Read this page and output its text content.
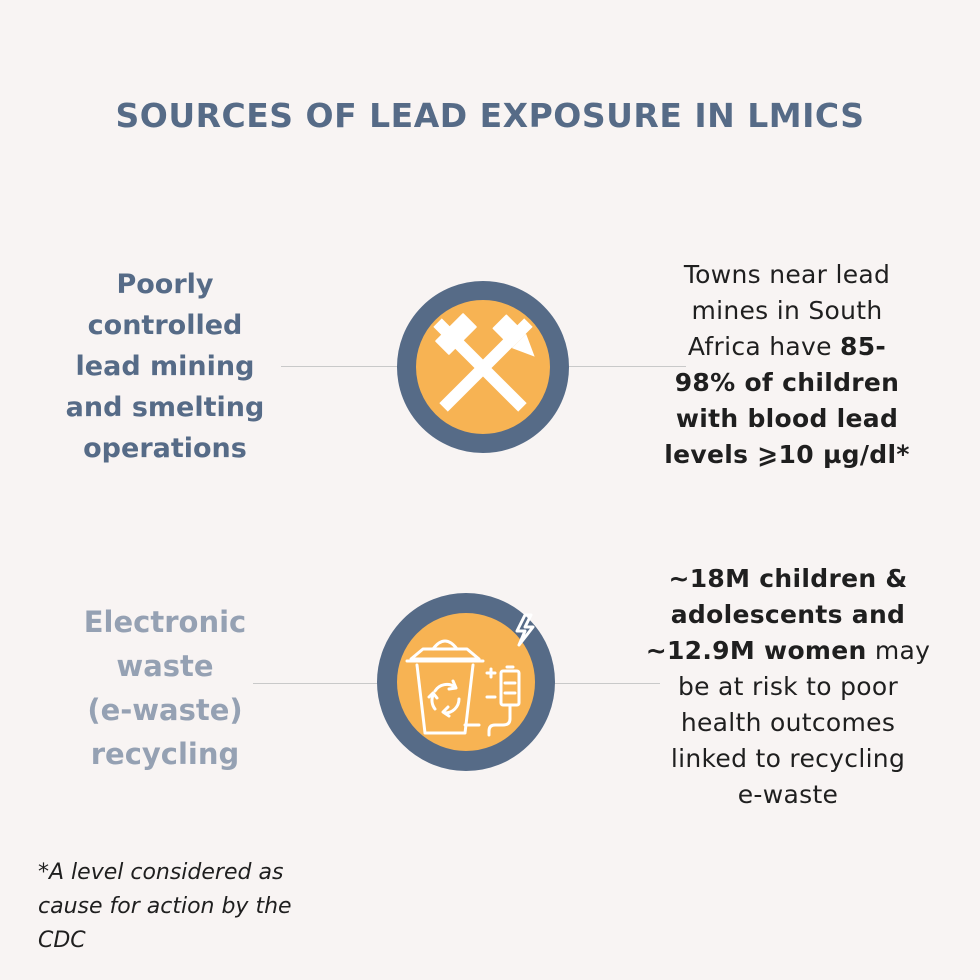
SOURCES OF LEAD EXPOSURE IN LMICS
Poorly
controlled
lead mining
and smelting
operations
Towns near lead
mines in South
Africa have 85-
98% of children
with blood lead
levels ⩾10 µg/dl*
Electronic
waste
(e-waste)
recycling
~18M children &
adolescents and
~12.9M women may
be at risk to poor
health outcomes
linked to recycling
e-waste
*A level considered as
cause for action by the
CDC
